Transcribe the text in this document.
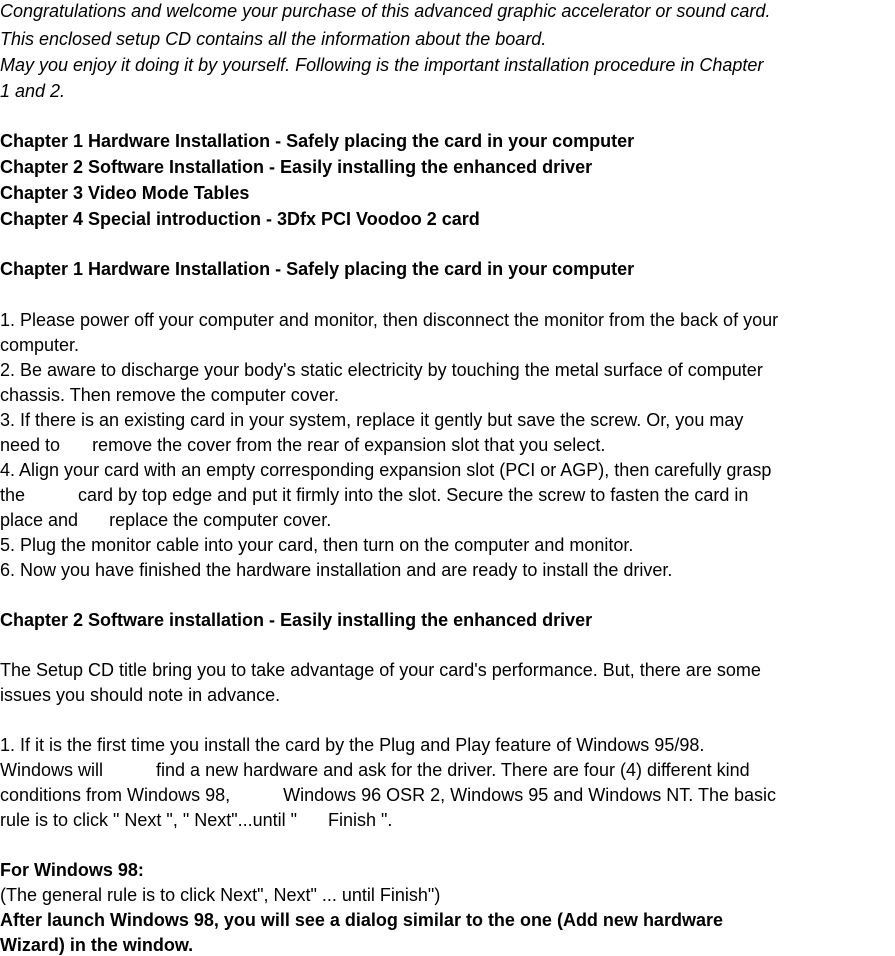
Congratulations and welcome your purchase of this advanced graphic accelerator or sound card.

This enclosed setup CD contains all the information about the board.

May you enjoy it doing it by yourself. Following is the important installation procedure in Chapter

1 and 2.

Chapter 1 Hardware Installation - Safely placing the card in your computer

Chapter 2 Software Installation - Easily installing the enhanced driver

Chapter 3 Video Mode Tables

Chapter 4 Special introduction - 3Dfx PCI Voodoo 2 card

Chapter 1 Hardware Installation - Safely placing the card in your computer

1. Please power off your computer and monitor, then disconnect the monitor from the back of your

computer.

2. Be aware to discharge your body's static electricity by touching the metal surface of computer

chassis. Then remove the computer cover.

3. If there is an existing card in your system, replace it gently but save the screw. Or, you may

need to remove the cover from the rear of expansion slot that you select.

4. Align your card with an empty corresponding expansion slot (PCI or AGP), then carefully grasp

the	card by top edge and put it firmly into the slot. Secure the screw to fasten the card in

place and replace the computer cover.

5. Plug the monitor cable into your card, then turn on the computer and monitor.

6. Now you have finished the hardware installation and are ready to install the driver.

Chapter 2 Software installation - Easily installing the enhanced driver

The Setup CD title bring you to take advantage of your card's performance. But, there are some

issues you should note in advance.

1. If it is the first time you install the card by the Plug and Play feature of Windows 95/98.

Windows will	find a new hardware and ask for the driver. There are four (4) different kind

conditions from Windows 98,	Windows 96 OSR 2, Windows 95 and Windows NT. The basic

rule is to click " Next ", " Next"...until " Finish ".

For Windows 98:

(The general rule is to click Next", Next" ... until Finish")

After launch Windows 98, you will see a dialog similar to the one (Add new hardware

Wizard) in the window.
